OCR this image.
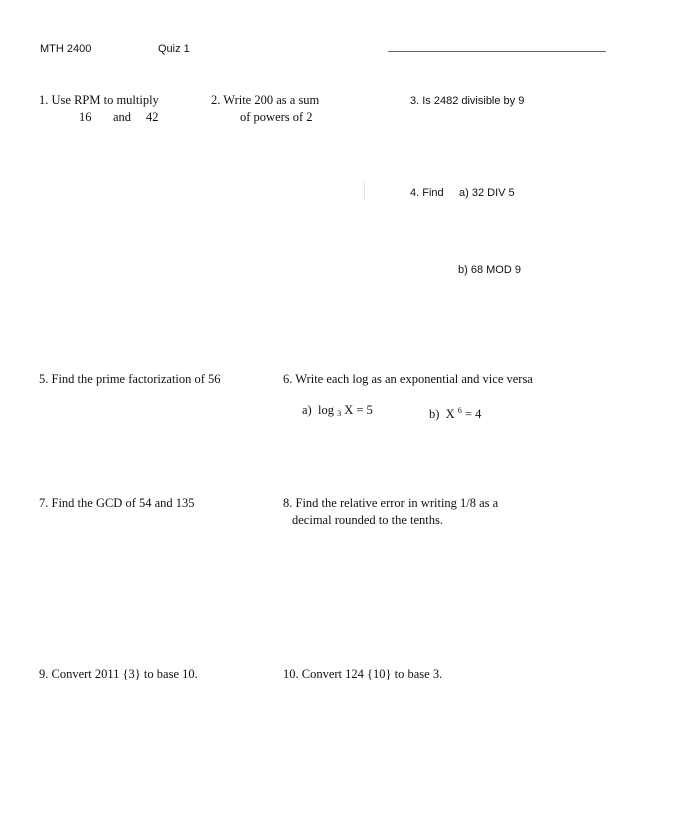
MTH 2400	Quiz 1
1. Use RPM to multiply
16 and 42
2. Write 200 as a sum
of powers of 2
3. Is 2482 divisible by 9
4. Find a) 32 DIV 5
b) 68 MOD 9
5. Find the prime factorization of 56	6. Write each log as an exponential and vice versa
a) log $_3$ X = 5	b) X $^6$ = 4
7. Find the GCD of 54 and 135	8. Find the relative error in writing 1/8 as a
decimal rounded to the tenths.
9. Convert 2011 {3} to base 10.	10. Convert 124 {10} to base 3.
